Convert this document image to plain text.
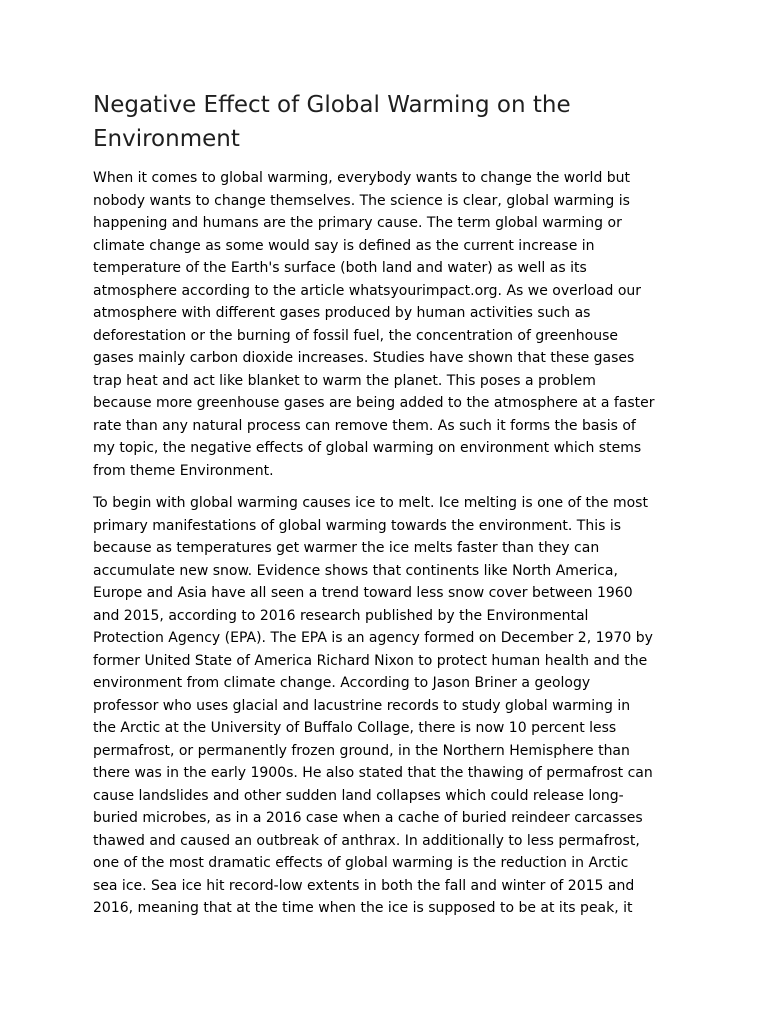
Negative Effect of Global Warming on the
Environment

When it comes to global warming, everybody wants to change the world but
nobody wants to change themselves. The science is clear, global warming is
happening and humans are the primary cause. The term global warming or
climate change as some would say is defined as the current increase in
temperature of the Earth's surface (both land and water) as well as its
atmosphere according to the article whatsyourimpact.org. As we overload our
atmosphere with different gases produced by human activities such as
deforestation or the burning of fossil fuel, the concentration of greenhouse
gases mainly carbon dioxide increases. Studies have shown that these gases
trap heat and act like blanket to warm the planet. This poses a problem
because more greenhouse gases are being added to the atmosphere at a faster
rate than any natural process can remove them. As such it forms the basis of
my topic, the negative effects of global warming on environment which stems
from theme Environment.

To begin with global warming causes ice to melt. Ice melting is one of the most
primary manifestations of global warming towards the environment. This is
because as temperatures get warmer the ice melts faster than they can
accumulate new snow. Evidence shows that continents like North America,
Europe and Asia have all seen a trend toward less snow cover between 1960
and 2015, according to 2016 research published by the Environmental
Protection Agency (EPA). The EPA is an agency formed on December 2, 1970 by
former United State of America Richard Nixon to protect human health and the
environment from climate change. According to Jason Briner a geology
professor who uses glacial and lacustrine records to study global warming in
the Arctic at the University of Buffalo Collage, there is now 10 percent less
permafrost, or permanently frozen ground, in the Northern Hemisphere than
there was in the early 1900s. He also stated that the thawing of permafrost can
cause landslides and other sudden land collapses which could release long-
buried microbes, as in a 2016 case when a cache of buried reindeer carcasses
thawed and caused an outbreak of anthrax. In additionally to less permafrost,
one of the most dramatic effects of global warming is the reduction in Arctic
sea ice. Sea ice hit record-low extents in both the fall and winter of 2015 and
2016, meaning that at the time when the ice is supposed to be at its peak, it
